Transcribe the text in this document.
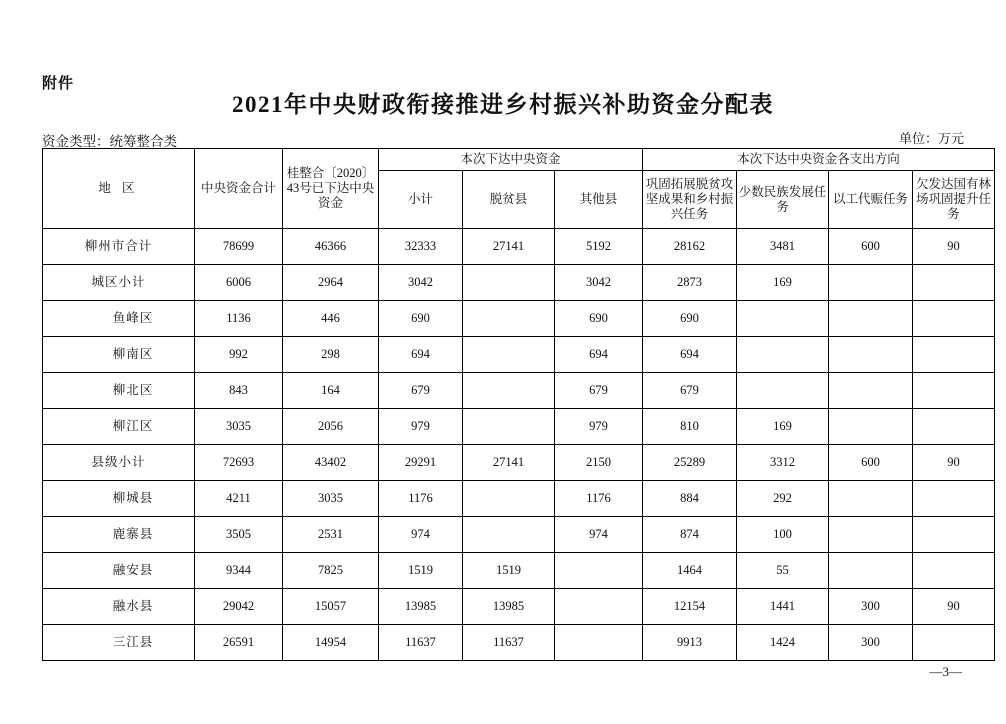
附件
2021年中央财政衔接推进乡村振兴补助资金分配表
资金类型：统筹整合类	单位：万元
地 区	中央资金合计	桂整合〔2020〕43号已下达中央资金	本次下达中央资金			本次下达中央资金各支出方向			
			小计	脱贫县	其他县	巩固拓展脱贫攻坚成果和乡村振兴任务	少数民族发展任务	以工代赈任务	欠发达国有林场巩固提升任务
柳州市合计	78699	46366	32333	27141	5192	28162	3481	600	90
城区小计	6006	2964	3042		3042	2873	169		
鱼峰区	1136	446	690		690	690			
柳南区	992	298	694		694	694			
柳北区	843	164	679		679	679			
柳江区	3035	2056	979		979	810	169		
县级小计	72693	43402	29291	27141	2150	25289	3312	600	90
柳城县	4211	3035	1176		1176	884	292		
鹿寨县	3505	2531	974		974	874	100		
融安县	9344	7825	1519	1519		1464	55		
融水县	29042	15057	13985	13985		12154	1441	300	90
三江县	26591	14954	11637	11637		9913	1424	300	
—3—
